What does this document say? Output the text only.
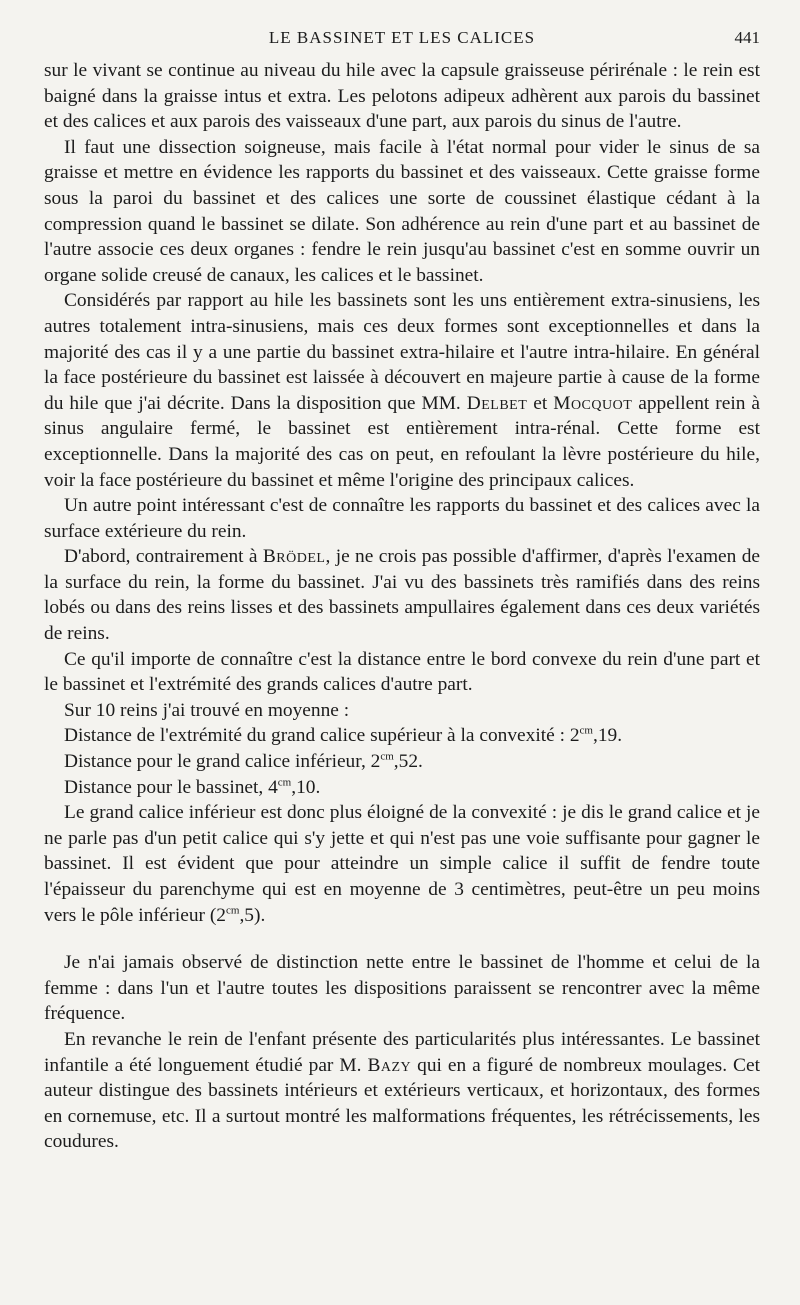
LE BASSINET ET LES CALICES	441

sur le vivant se continue au niveau du hile avec la capsule graisseuse périrénale : le rein est baigné dans la graisse intus et extra. Les pelotons adipeux adhèrent aux parois du bassinet et des calices et aux parois des vaisseaux d'une part, aux parois du sinus de l'autre.

Il faut une dissection soigneuse, mais facile à l'état normal pour vider le sinus de sa graisse et mettre en évidence les rapports du bassinet et des vaisseaux. Cette graisse forme sous la paroi du bassinet et des calices une sorte de coussinet élastique cédant à la compression quand le bassinet se dilate. Son adhérence au rein d'une part et au bassinet de l'autre associe ces deux organes : fendre le rein jusqu'au bassinet c'est en somme ouvrir un organe solide creusé de canaux, les calices et le bassinet.

Considérés par rapport au hile les bassinets sont les uns entièrement extra-sinusiens, les autres totalement intra-sinusiens, mais ces deux formes sont exceptionnelles et dans la majorité des cas il y a une partie du bassinet extra-hilaire et l'autre intra-hilaire. En général la face postérieure du bassinet est laissée à découvert en majeure partie à cause de la forme du hile que j'ai décrite. Dans la disposition que MM. Delbet et Mocquot appellent rein à sinus angulaire fermé, le bassinet est entièrement intra-rénal. Cette forme est exceptionnelle. Dans la majorité des cas on peut, en refoulant la lèvre postérieure du hile, voir la face postérieure du bassinet et même l'origine des principaux calices.

Un autre point intéressant c'est de connaître les rapports du bassinet et des calices avec la surface extérieure du rein.

D'abord, contrairement à Brödel, je ne crois pas possible d'affirmer, d'après l'examen de la surface du rein, la forme du bassinet. J'ai vu des bassinets très ramifiés dans des reins lobés ou dans des reins lisses et des bassinets ampullaires également dans ces deux variétés de reins.

Ce qu'il importe de connaître c'est la distance entre le bord convexe du rein d'une part et le bassinet et l'extrémité des grands calices d'autre part.

Sur 10 reins j'ai trouvé en moyenne :

Distance de l'extrémité du grand calice supérieur à la convexité : $2^{cm},19$.

Distance pour le grand calice inférieur, $2^{cm},52$.

Distance pour le bassinet, $4^{cm},10$.

Le grand calice inférieur est donc plus éloigné de la convexité : je dis le grand calice et je ne parle pas d'un petit calice qui s'y jette et qui n'est pas une voie suffisante pour gagner le bassinet. Il est évident que pour atteindre un simple calice il suffit de fendre toute l'épaisseur du parenchyme qui est en moyenne de 3 centimètres, peut-être un peu moins vers le pôle inférieur $(2^{cm},5)$.

Je n'ai jamais observé de distinction nette entre le bassinet de l'homme et celui de la femme : dans l'un et l'autre toutes les dispositions paraissent se rencontrer avec la même fréquence.

En revanche le rein de l'enfant présente des particularités plus intéressantes. Le bassinet infantile a été longuement étudié par M. Bazy qui en a figuré de nombreux moulages. Cet auteur distingue des bassinets intérieurs et extérieurs verticaux, et horizontaux, des formes en cornemuse, etc. Il a surtout montré les malformations fréquentes, les rétrécissements, les coudures.
